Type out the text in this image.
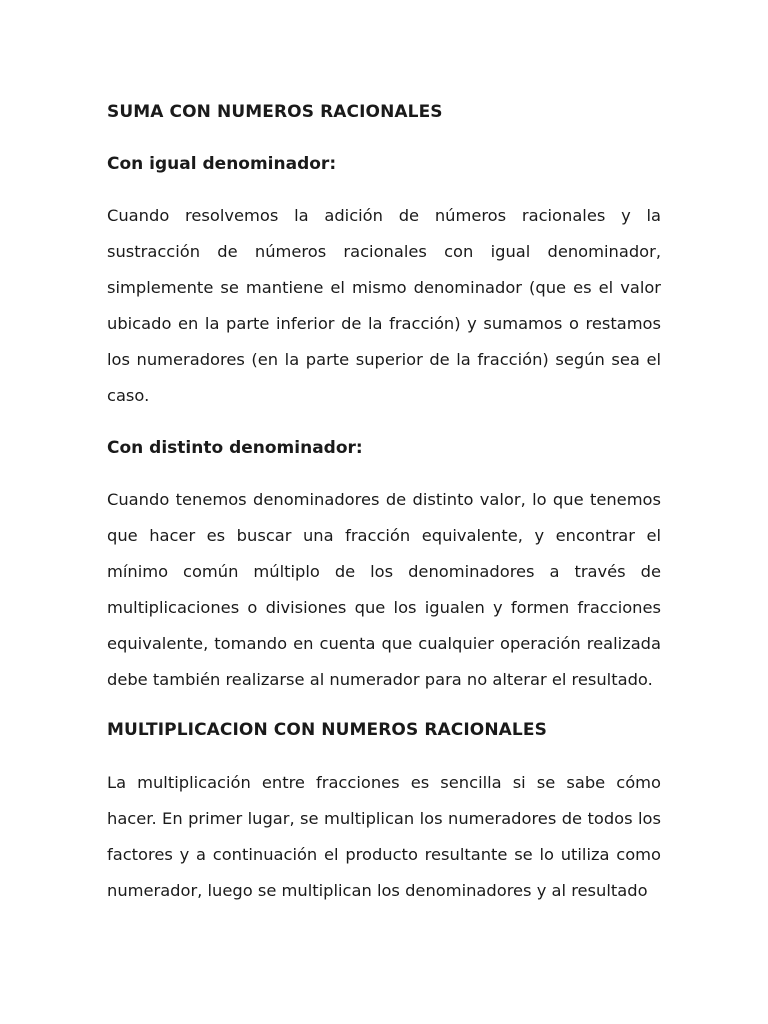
SUMA CON NUMEROS RACIONALES
Con igual denominador:

Cuando resolvemos la adición de números racionales y la sustracción de números racionales con igual denominador, simplemente se mantiene el mismo denominador (que es el valor ubicado en la parte inferior de la fracción) y sumamos o restamos los numeradores (en la parte superior de la fracción) según sea el caso.

Con distinto denominador:

Cuando tenemos denominadores de distinto valor, lo que tenemos que hacer es buscar una fracción equivalente, y encontrar el mínimo común múltiplo de los denominadores a través de multiplicaciones o divisiones que los igualen y formen fracciones equivalente, tomando en cuenta que cualquier operación realizada debe también realizarse al numerador para no alterar el resultado.

MULTIPLICACION CON NUMEROS RACIONALES

La multiplicación entre fracciones es sencilla si se sabe cómo hacer. En primer lugar, se multiplican los numeradores de todos los factores y a continuación el producto resultante se lo utiliza como numerador, luego se multiplican los denominadores y al resultado
